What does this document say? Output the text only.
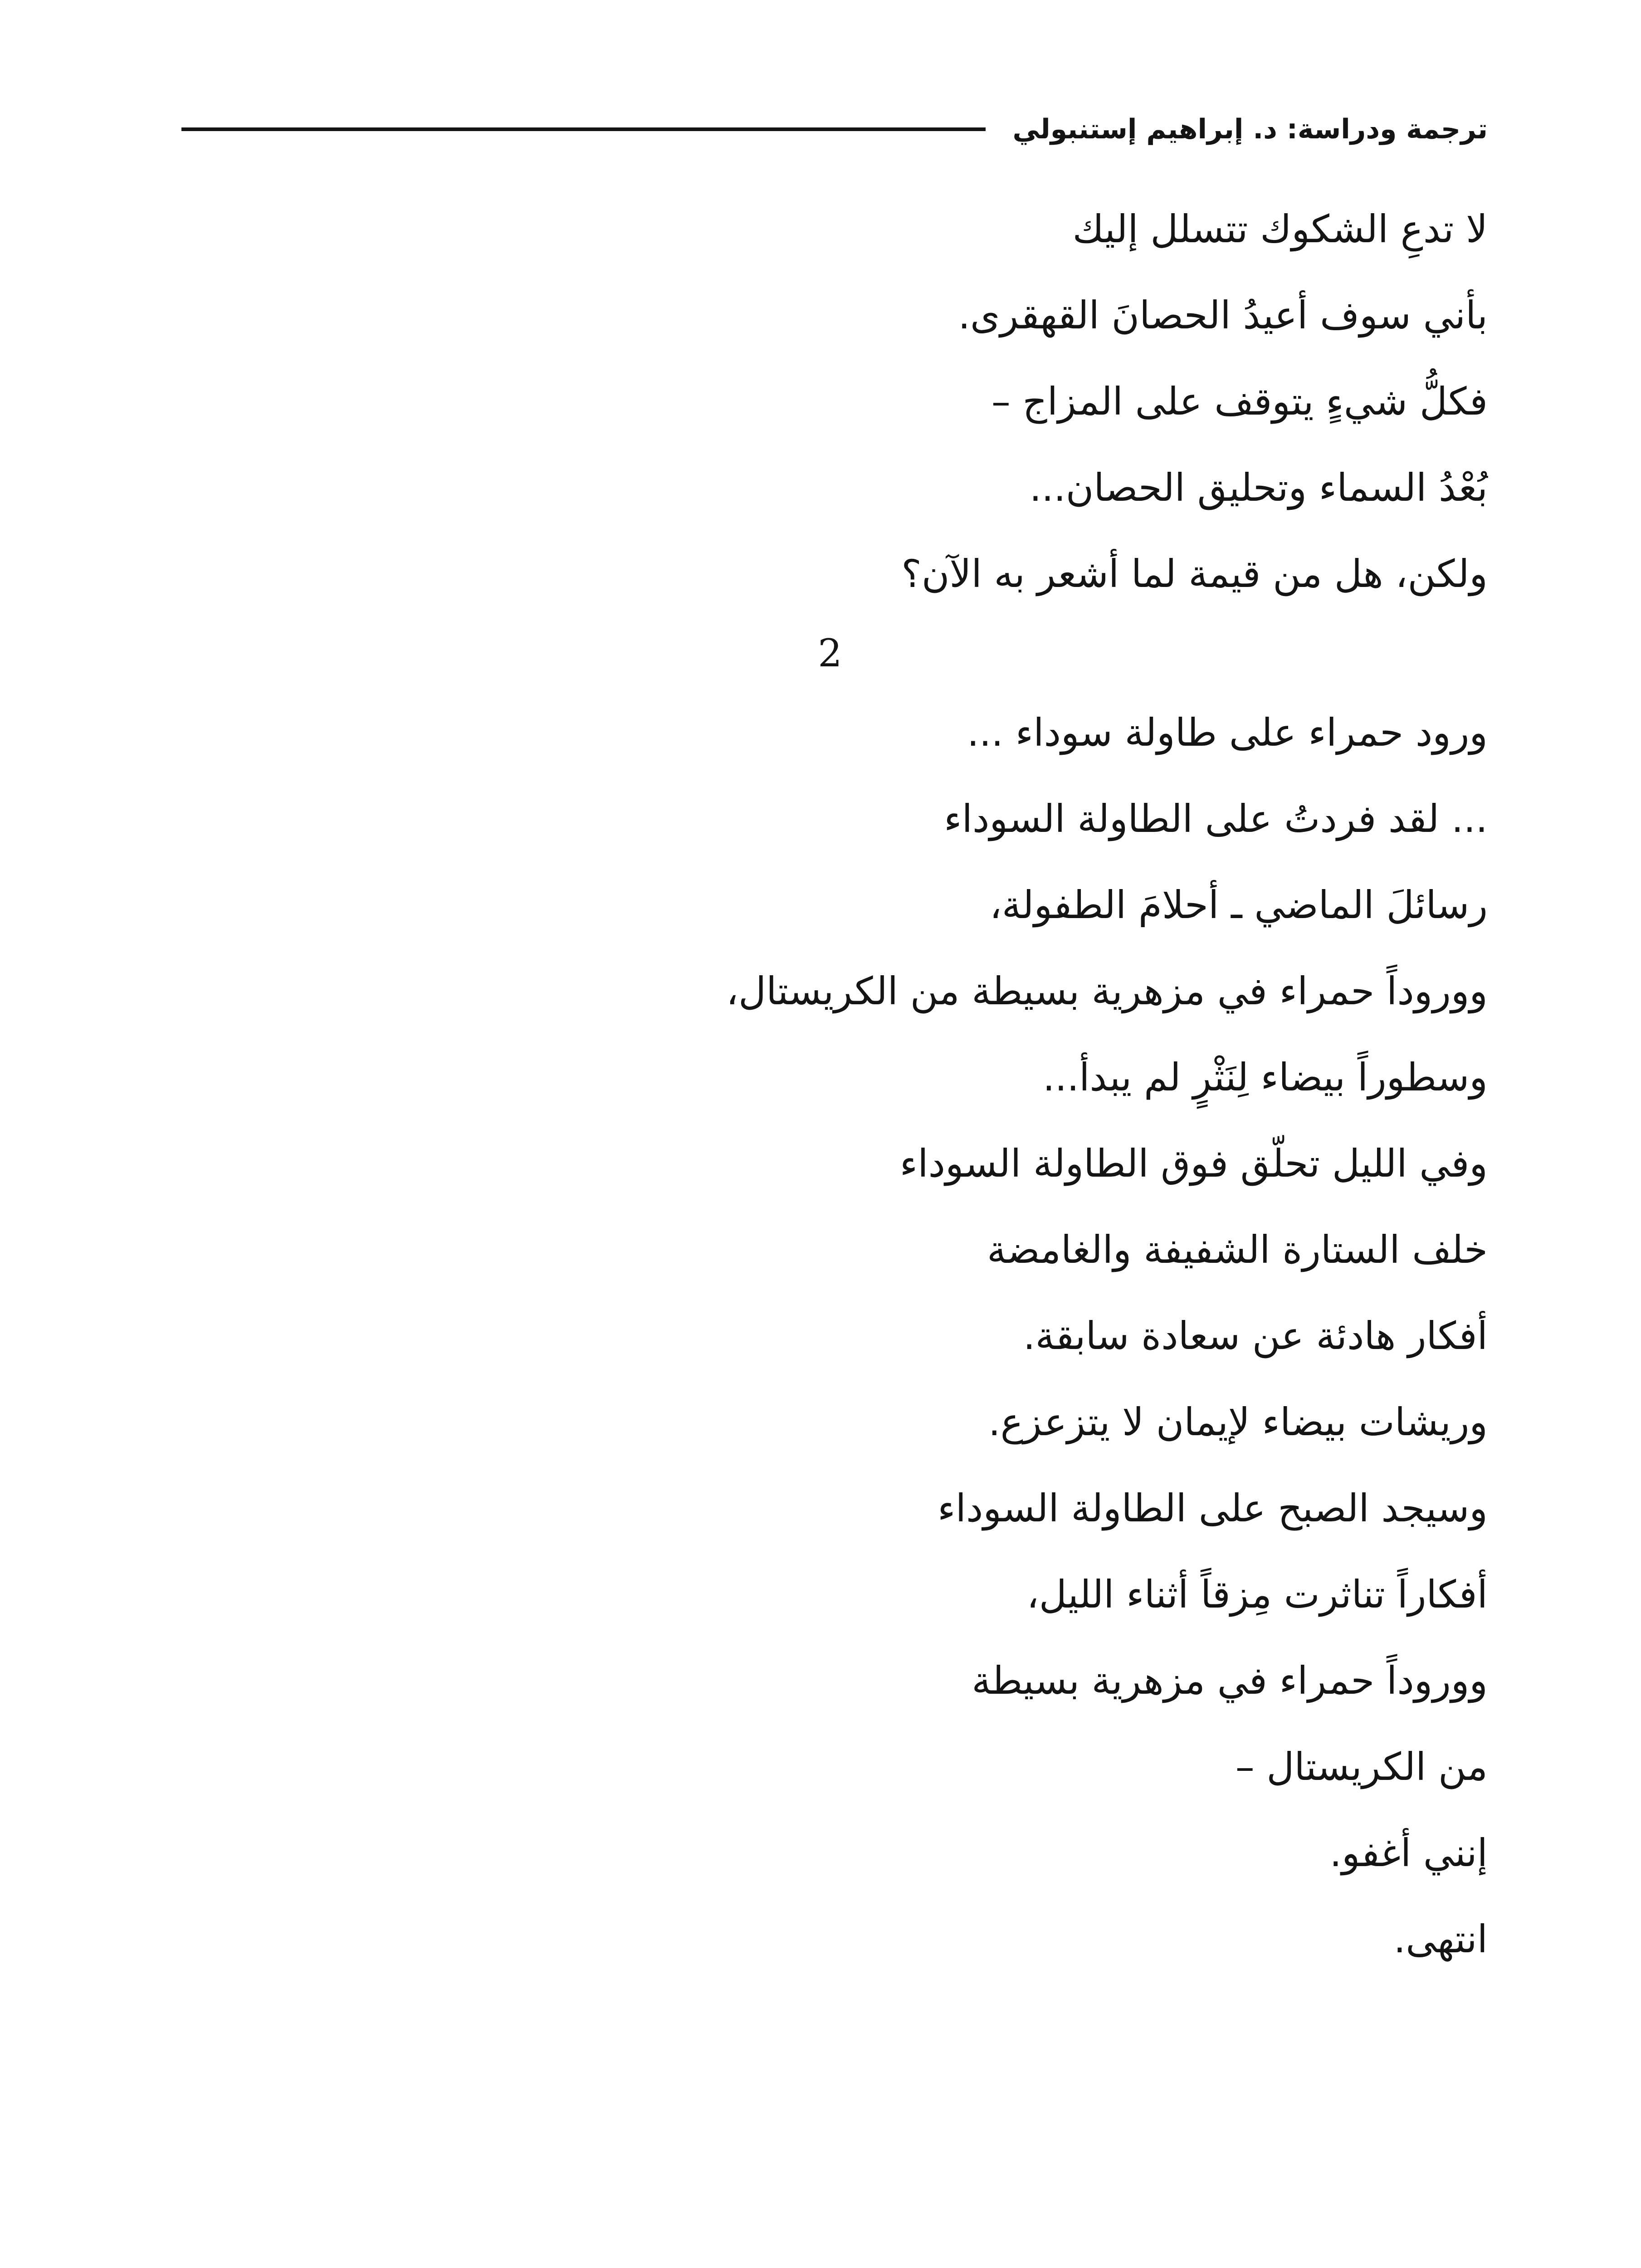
ترجمة ودراسة: د. إبراهيم إستنبولي
لا تدعِ الشكوك تتسلل إليك
بأني سوف أعيدُ الحصانَ القهقرى.
فكلُّ شيءٍ يتوقف على المزاج –
بُعْدُ السماء وتحليق الحصان...
ولكن، هل من قيمة لما أشعر به الآن؟
2
ورود حمراء على طاولة سوداء ...
... لقد فردتُ على الطاولة السوداء
رسائلَ الماضي ـ أحلامَ الطفولة،
ووروداً حمراء في مزهرية بسيطة من الكريستال،
وسطوراً بيضاء لِنَثْرٍ لم يبدأ...
وفي الليل تحلّق فوق الطاولة السوداء
خلف الستارة الشفيفة والغامضة
أفكار هادئة عن سعادة سابقة.
وريشات بيضاء لإيمان لا يتزعزع.
وسيجد الصبح على الطاولة السوداء
أفكاراً تناثرت مِزقاً أثناء الليل،
ووروداً حمراء في مزهرية بسيطة
من الكريستال –
إنني أغفو.
انتهى.
